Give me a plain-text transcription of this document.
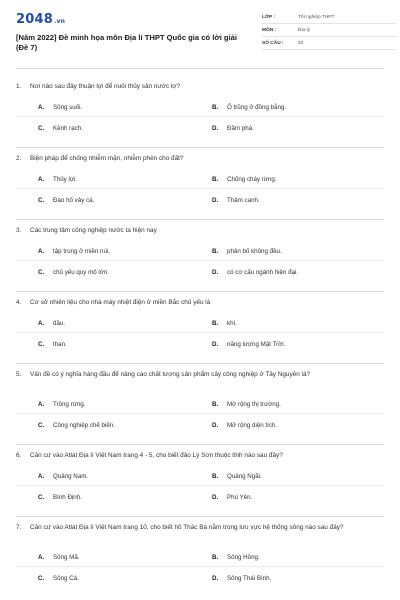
2048.vn
[Năm 2022] Đề minh họa môn Địa lí THPT Quốc gia có lời giải (Đề 7)
LỚP :	Tốt nghiệp THPT
MÔN :	Địa lý
SỐ CÂU :	40
1.	Nơi nào sau đây thuận lợi để nuôi thủy sản nước lợ?
A.	Sông suối.	B.	Ô trũng ở đồng bằng.
C.	Kênh rạch.	D.	Đầm phá.
2.	Biện pháp để chống nhiễm mặn, nhiễm phèn cho đất?
A.	Thủy lợi.	B.	Chống cháy rừng.
C.	Đào hố vảy cá.	D.	Thâm canh.
3.	Các trung tâm công nghiệp nước ta hiện nay
A.	tập trung ở miền núi.	B.	phân bố không đều.
C.	chủ yếu quy mô lớn.	D.	có cơ cấu ngành hiện đại.
4.	Cơ sở nhiên liệu cho nhà máy nhiệt điện ở miền Bắc chủ yếu là
A.	dầu.	B.	khí.
C.	than.	D.	năng lượng Mặt Trời.
5.	Vấn đề có ý nghĩa hàng đầu để nâng cao chất lượng sản phẩm cây công nghiệp ở Tây Nguyên là?
A.	Trồng rừng.	B.	Mở rộng thị trường.
C.	Công nghiệp chế biến.	D.	Mở rộng diện tích.
6.	Căn cứ vào Atlat Địa lí Việt Nam trang 4 - 5, cho biết đảo Lý Sơn thuộc tỉnh nào sau đây?
A.	Quảng Nam.	B.	Quảng Ngãi.
C.	Bình Định.	D.	Phú Yên.
7.	Căn cứ vào Atlat Địa lí Việt Nam trang 10, cho biết hồ Thác Bà nằm trong lưu vực hệ thống sông nào sau đây?
A.	Sông Mã.	B.	Sông Hồng.
C.	Sông Cả.	D.	Sông Thái Bình.
